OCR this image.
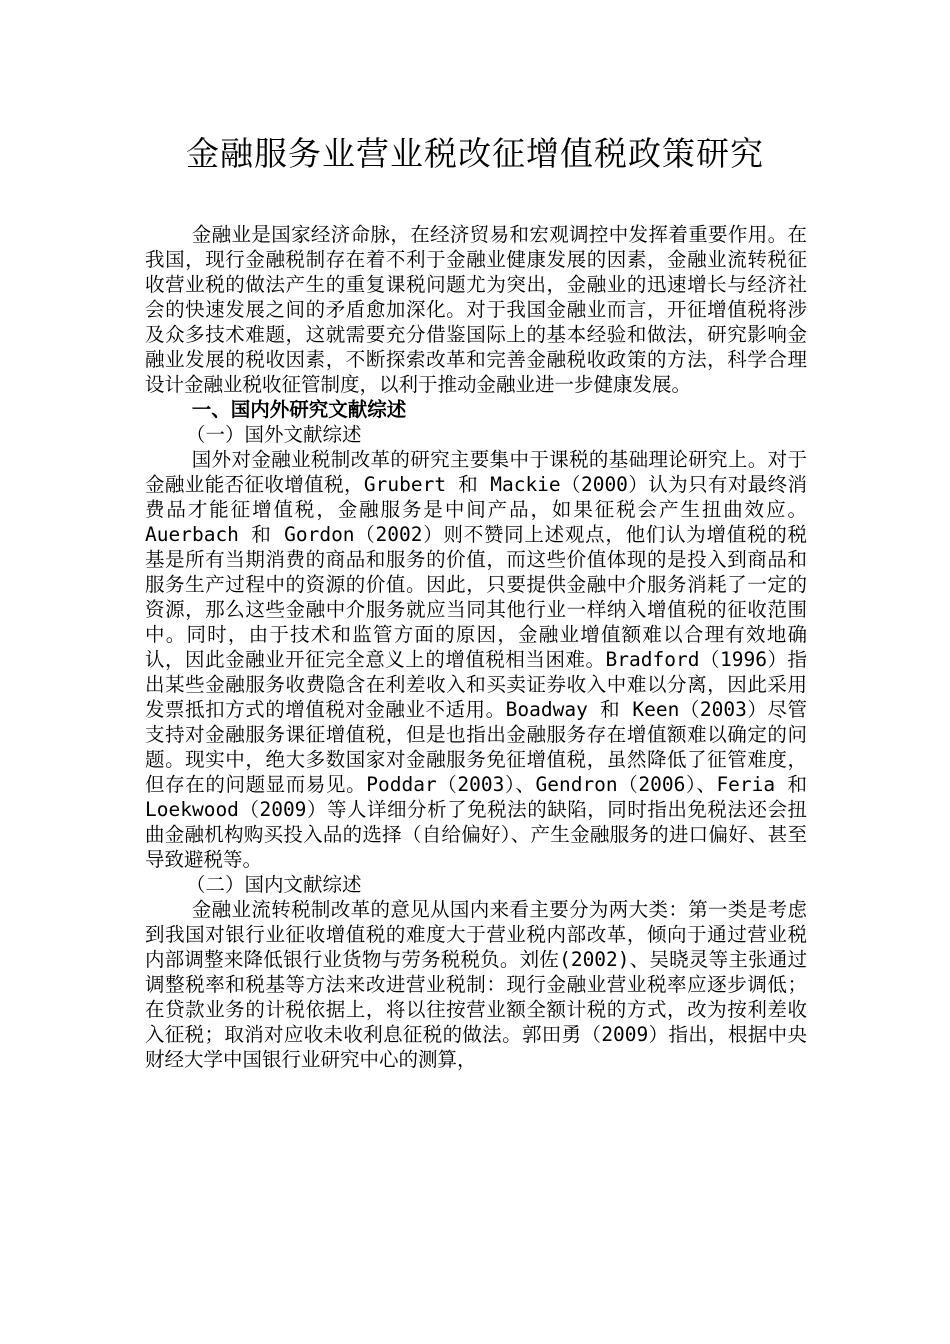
金融服务业营业税改征增值税政策研究

金融业是国家经济命脉，在经济贸易和宏观调控中发挥着重要作用。在我国，现行金融税制存在着不利于金融业健康发展的因素，金融业流转税征收营业税的做法产生的重复课税问题尤为突出，金融业的迅速增长与经济社会的快速发展之间的矛盾愈加深化。对于我国金融业而言，开征增值税将涉及众多技术难题，这就需要充分借鉴国际上的基本经验和做法，研究影响金融业发展的税收因素，不断探索改革和完善金融税收政策的方法，科学合理设计金融业税收征管制度，以利于推动金融业进一步健康发展。

一、国内外研究文献综述
（一）国外文献综述

国外对金融业税制改革的研究主要集中于课税的基础理论研究上。对于金融业能否征收增值税，Grubert 和 Mackie（2000）认为只有对最终消费品才能征增值税，金融服务是中间产品，如果征税会产生扭曲效应。Auerbach 和 Gordon（2002）则不赞同上述观点，他们认为增值税的税基是所有当期消费的商品和服务的价值，而这些价值体现的是投入到商品和服务生产过程中的资源的价值。因此，只要提供金融中介服务消耗了一定的资源，那么这些金融中介服务就应当同其他行业一样纳入增值税的征收范围中。同时，由于技术和监管方面的原因，金融业增值额难以合理有效地确认，因此金融业开征完全意义上的增值税相当困难。Bradford（1996）指出某些金融服务收费隐含在利差收入和买卖证券收入中难以分离，因此采用发票抵扣方式的增值税对金融业不适用。Boadway 和 Keen（2003）尽管支持对金融服务课征增值税，但是也指出金融服务存在增值额难以确定的问题。现实中，绝大多数国家对金融服务免征增值税，虽然降低了征管难度，但存在的问题显而易见。Poddar（2003）、Gendron（2006）、Feria 和 Loekwood（2009）等人详细分析了免税法的缺陷，同时指出免税法还会扭曲金融机构购买投入品的选择（自给偏好）、产生金融服务的进口偏好、甚至导致避税等。

（二）国内文献综述

金融业流转税制改革的意见从国内来看主要分为两大类：第一类是考虑到我国对银行业征收增值税的难度大于营业税内部改革，倾向于通过营业税内部调整来降低银行业货物与劳务税税负。刘佐(2002)、吴晓灵等主张通过调整税率和税基等方法来改进营业税制：现行金融业营业税率应逐步调低；在贷款业务的计税依据上，将以往按营业额全额计税的方式，改为按利差收入征税；取消对应收未收利息征税的做法。郭田勇（2009）指出，根据中央财经大学中国银行业研究中心的测算，
